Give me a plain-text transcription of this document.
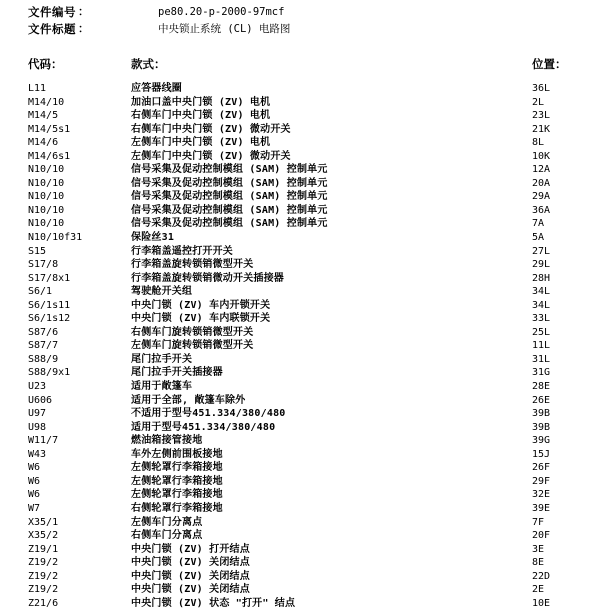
文件编号 ：	pe80.20-p-2000-97mcf
文件标题 ：	中央锁止系统 (CL) 电路图
代码：	款式：	位置：
L11	应答器线圈	36L
M14/10	加油口盖中央门锁 (ZV) 电机	2L
M14/5	右侧车门中央门锁 (ZV) 电机	23L
M14/5s1	右侧车门中央门锁 (ZV) 微动开关	21K
M14/6	左侧车门中央门锁 (ZV) 电机	8L
M14/6s1	左侧车门中央门锁 (ZV) 微动开关	10K
N10/10	信号采集及促动控制模组 (SAM) 控制单元	12A
N10/10	信号采集及促动控制模组 (SAM) 控制单元	20A
N10/10	信号采集及促动控制模组 (SAM) 控制单元	29A
N10/10	信号采集及促动控制模组 (SAM) 控制单元	36A
N10/10	信号采集及促动控制模组 (SAM) 控制单元	7A
N10/10f31	保险丝31	5A
S15	行李箱盖遥控打开开关	27L
S17/8	行李箱盖旋转锁销微型开关	29L
S17/8x1	行李箱盖旋转锁销微动开关插接器	28H
S6/1	驾驶舱开关组	34L
S6/1s11	中央门锁 (ZV) 车内开锁开关	34L
S6/1s12	中央门锁 (ZV) 车内联锁开关	33L
S87/6	右侧车门旋转锁销微型开关	25L
S87/7	左侧车门旋转锁销微型开关	11L
S88/9	尾门拉手开关	31L
S88/9x1	尾门拉手开关插接器	31G
U23	适用于敞篷车	28E
U606	适用于全部, 敞篷车除外	26E
U97	不适用于型号451.334/380/480	39B
U98	适用于型号451.334/380/480	39B
W11/7	燃油箱接管接地	39G
W43	车外左侧前围板接地	15J
W6	左侧轮罩行李箱接地	26F
W6	左侧轮罩行李箱接地	29F
W6	左侧轮罩行李箱接地	32E
W7	右侧轮罩行李箱接地	39E
X35/1	左侧车门分离点	7F
X35/2	右侧车门分离点	20F
Z19/1	中央门锁 (ZV) 打开结点	3E
Z19/2	中央门锁 (ZV) 关闭结点	8E
Z19/2	中央门锁 (ZV) 关闭结点	22D
Z19/2	中央门锁 (ZV) 关闭结点	2E
Z21/6	中央门锁 (ZV) 状态 "打开" 结点	10E
